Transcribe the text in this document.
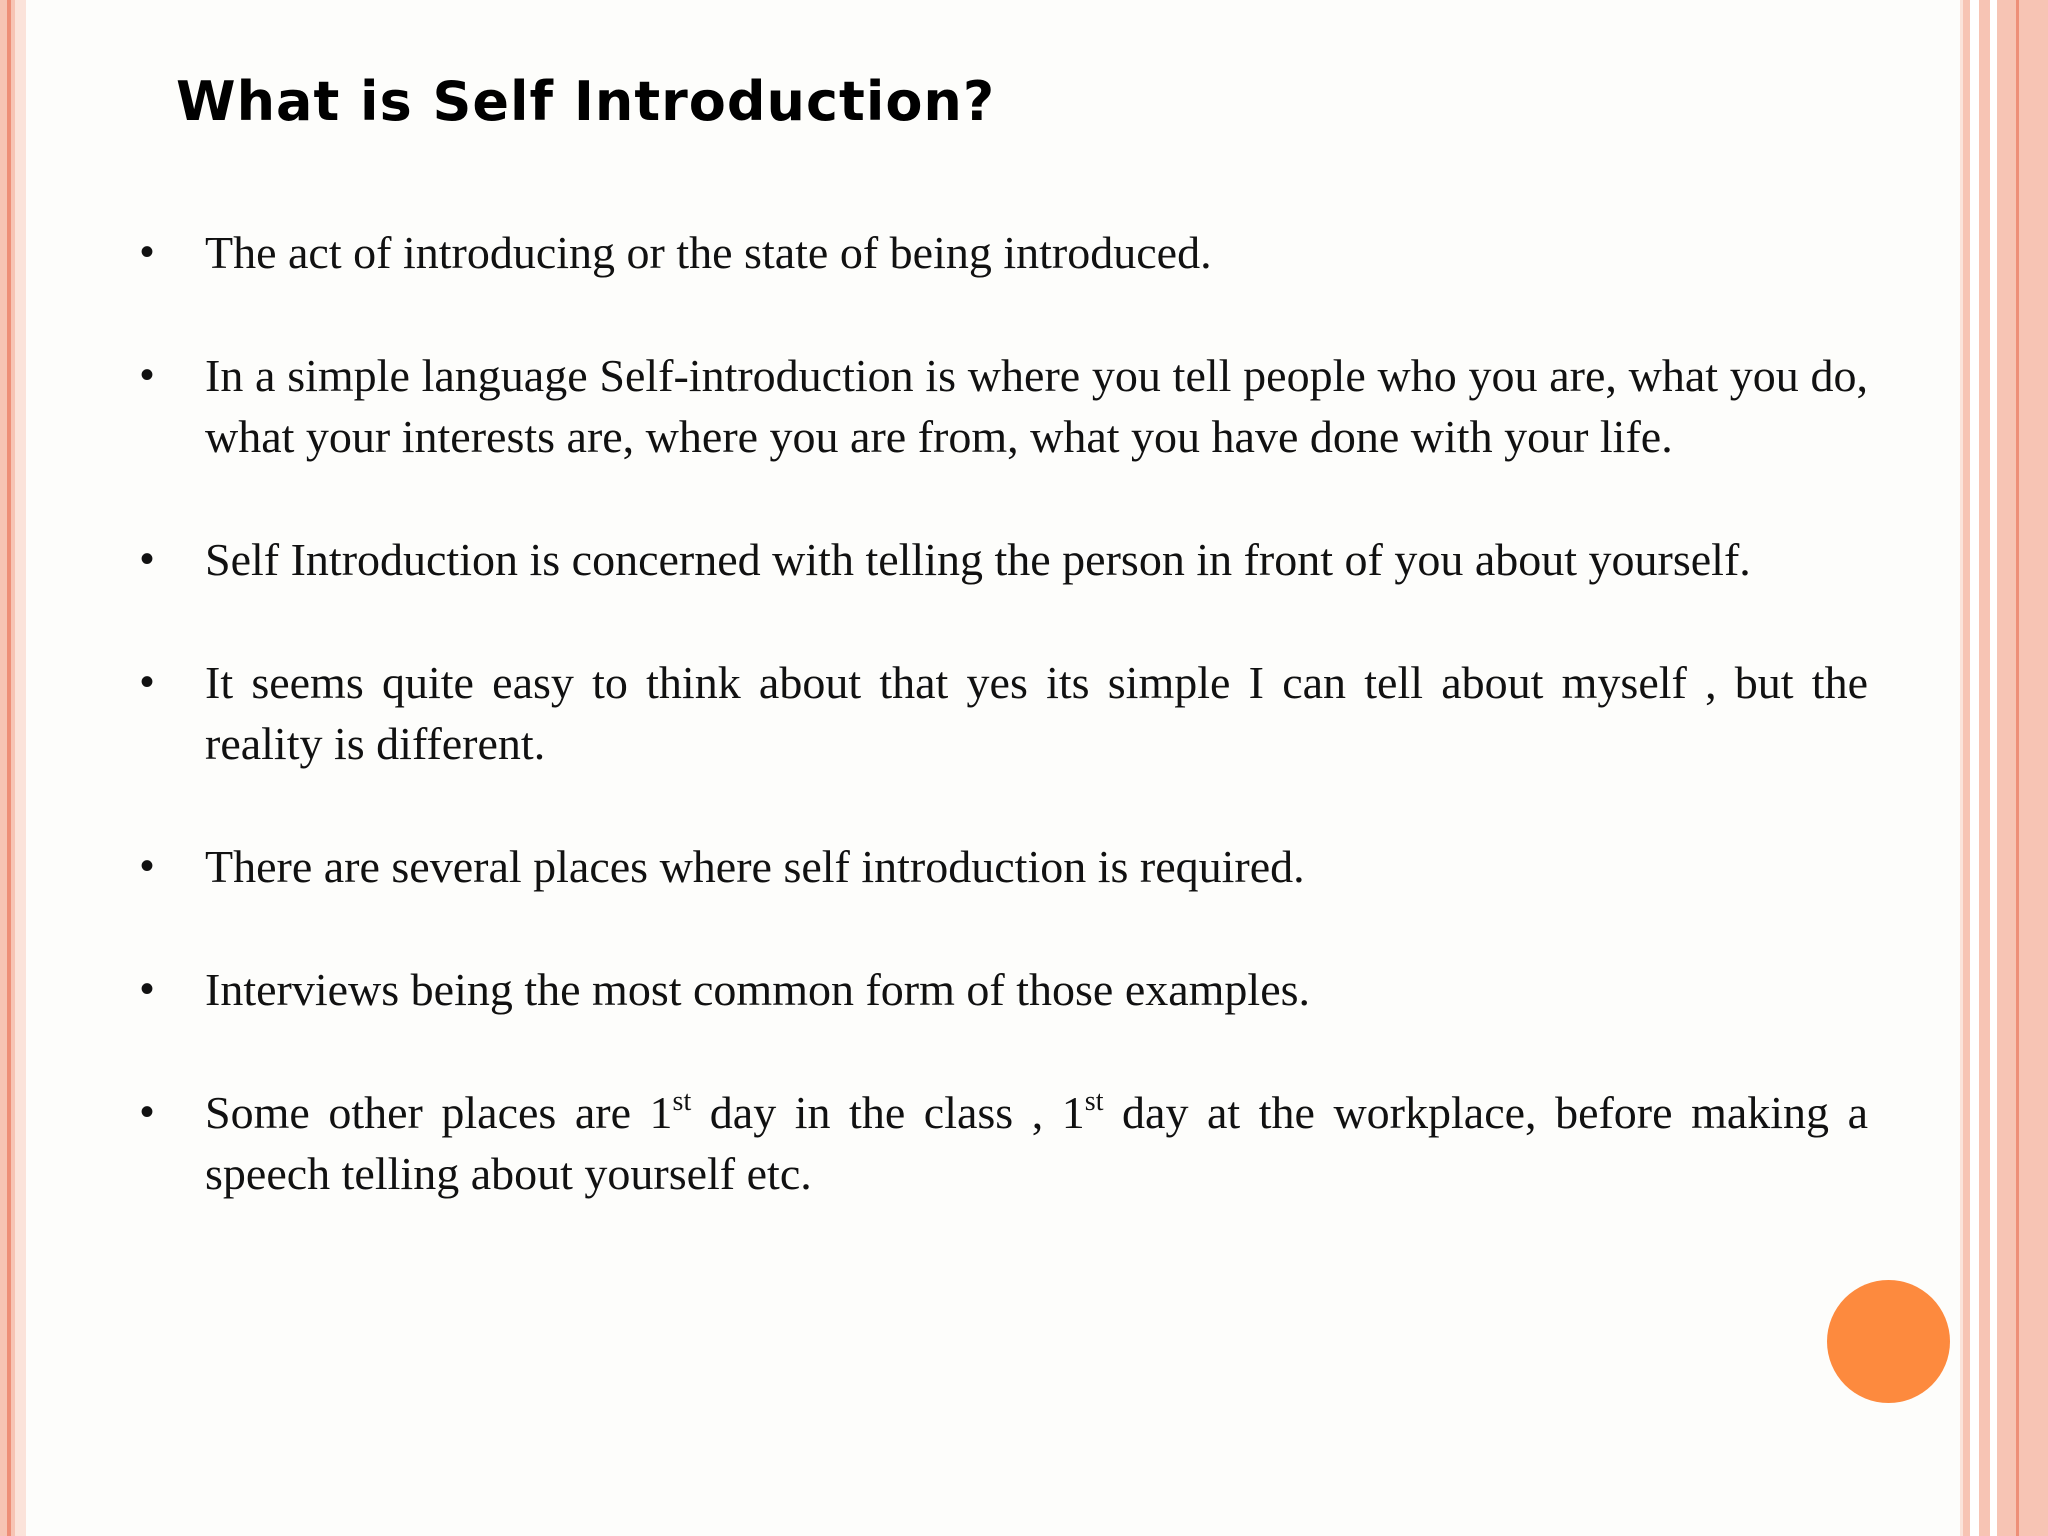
What is Self Introduction?
• The act of introducing or the state of being introduced.
• In a simple language Self-introduction is where you tell people who you are, what you do, what your interests are, where you are from, what you have done with your life.
• Self Introduction is concerned with telling the person in front of you about yourself.
• It seems quite easy to think about that yes its simple I can tell about myself , but the reality is different.
• There are several places where self introduction is required.
• Interviews being the most common form of those examples.
• Some other places are 1st day in the class , 1st day at the workplace, before making a speech telling about yourself etc.
